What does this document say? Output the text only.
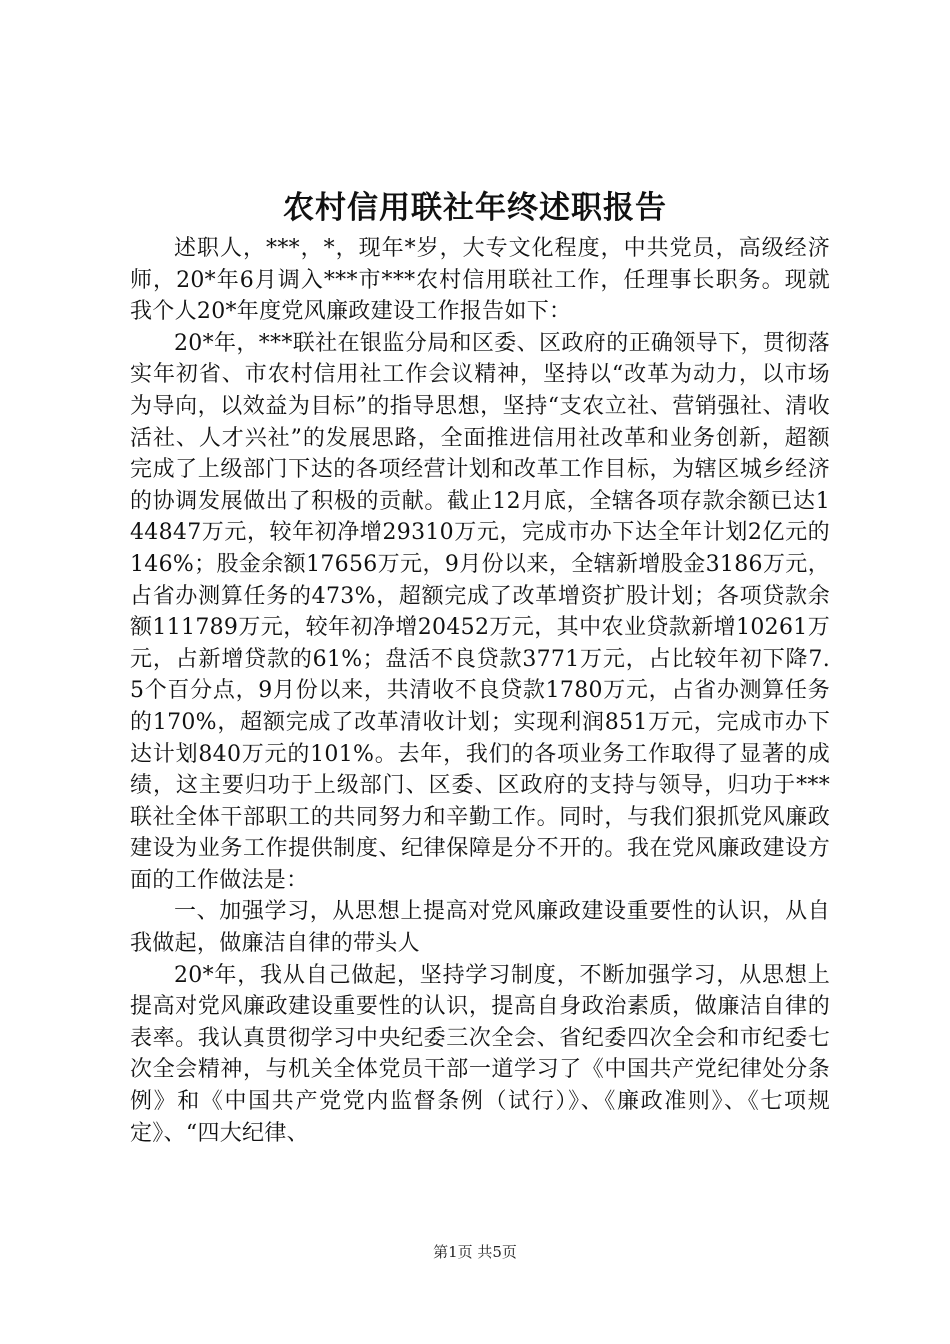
农村信用联社年终述职报告

述职人，***，*，现年*岁，大专文化程度，中共党员，高级经济师，20*年6月调入***市***农村信用联社工作，任理事长职务。现就我个人20*年度党风廉政建设工作报告如下：

20*年，***联社在银监分局和区委、区政府的正确领导下，贯彻落实年初省、市农村信用社工作会议精神，坚持以“改革为动力，以市场为导向，以效益为目标”的指导思想，坚持“支农立社、营销强社、清收活社、人才兴社”的发展思路，全面推进信用社改革和业务创新，超额完成了上级部门下达的各项经营计划和改革工作目标，为辖区城乡经济的协调发展做出了积极的贡献。截止12月底，全辖各项存款余额已达144847万元，较年初净增29310万元，完成市办下达全年计划2亿元的146%；股金余额17656万元，9月份以来，全辖新增股金3186万元，占省办测算任务的473%，超额完成了改革增资扩股计划；各项贷款余额111789万元，较年初净增20452万元，其中农业贷款新增10261万元，占新增贷款的61%；盘活不良贷款3771万元，占比较年初下降7.5个百分点，9月份以来，共清收不良贷款1780万元，占省办测算任务的170%，超额完成了改革清收计划；实现利润851万元，完成市办下达计划840万元的101%。去年，我们的各项业务工作取得了显著的成绩，这主要归功于上级部门、区委、区政府的支持与领导，归功于***联社全体干部职工的共同努力和辛勤工作。同时，与我们狠抓党风廉政建设为业务工作提供制度、纪律保障是分不开的。我在党风廉政建设方面的工作做法是：

一、加强学习，从思想上提高对党风廉政建设重要性的认识，从自我做起，做廉洁自律的带头人

20*年，我从自己做起，坚持学习制度，不断加强学习，从思想上提高对党风廉政建设重要性的认识，提高自身政治素质，做廉洁自律的表率。我认真贯彻学习中央纪委三次全会、省纪委四次全会和市纪委七次全会精神，与机关全体党员干部一道学习了《中国共产党纪律处分条例》和《中国共产党党内监督条例（试行）》、《廉政准则》、《七项规定》、“四大纪律、

第1页 共5页
